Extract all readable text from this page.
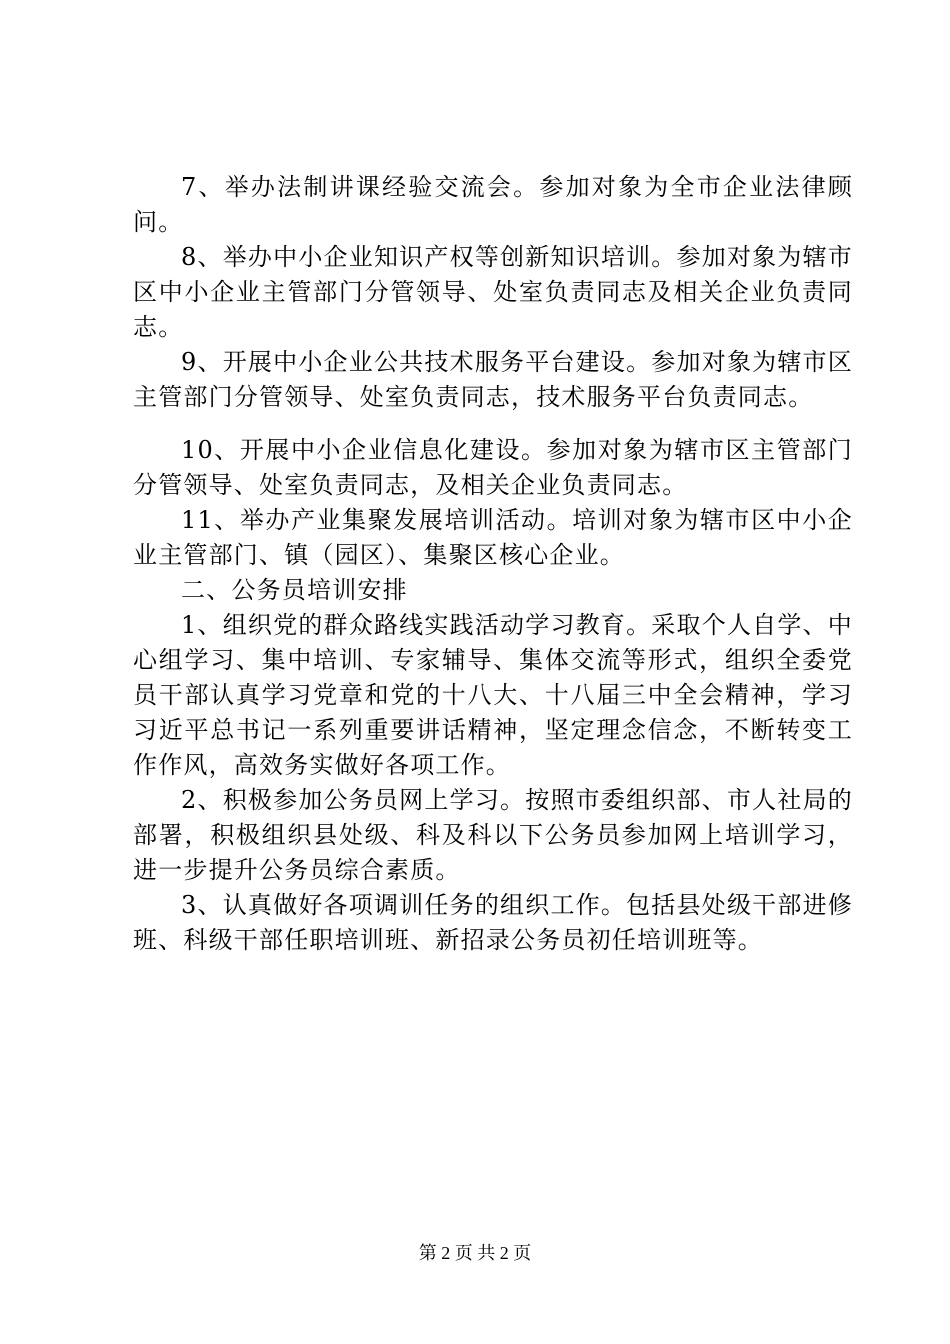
7、举办法制讲课经验交流会。参加对象为全市企业法律顾问。

8、举办中小企业知识产权等创新知识培训。参加对象为辖市区中小企业主管部门分管领导、处室负责同志及相关企业负责同志。

9、开展中小企业公共技术服务平台建设。参加对象为辖市区主管部门分管领导、处室负责同志，技术服务平台负责同志。

10、开展中小企业信息化建设。参加对象为辖市区主管部门分管领导、处室负责同志，及相关企业负责同志。

11、举办产业集聚发展培训活动。培训对象为辖市区中小企业主管部门、镇（园区）、集聚区核心企业。

二、公务员培训安排

1、组织党的群众路线实践活动学习教育。采取个人自学、中心组学习、集中培训、专家辅导、集体交流等形式，组织全委党员干部认真学习党章和党的十八大、十八届三中全会精神，学习习近平总书记一系列重要讲话精神，坚定理念信念，不断转变工作作风，高效务实做好各项工作。

2、积极参加公务员网上学习。按照市委组织部、市人社局的部署，积极组织县处级、科及科以下公务员参加网上培训学习，进一步提升公务员综合素质。

3、认真做好各项调训任务的组织工作。包括县处级干部进修班、科级干部任职培训班、新招录公务员初任培训班等。

第 2 页 共 2 页
